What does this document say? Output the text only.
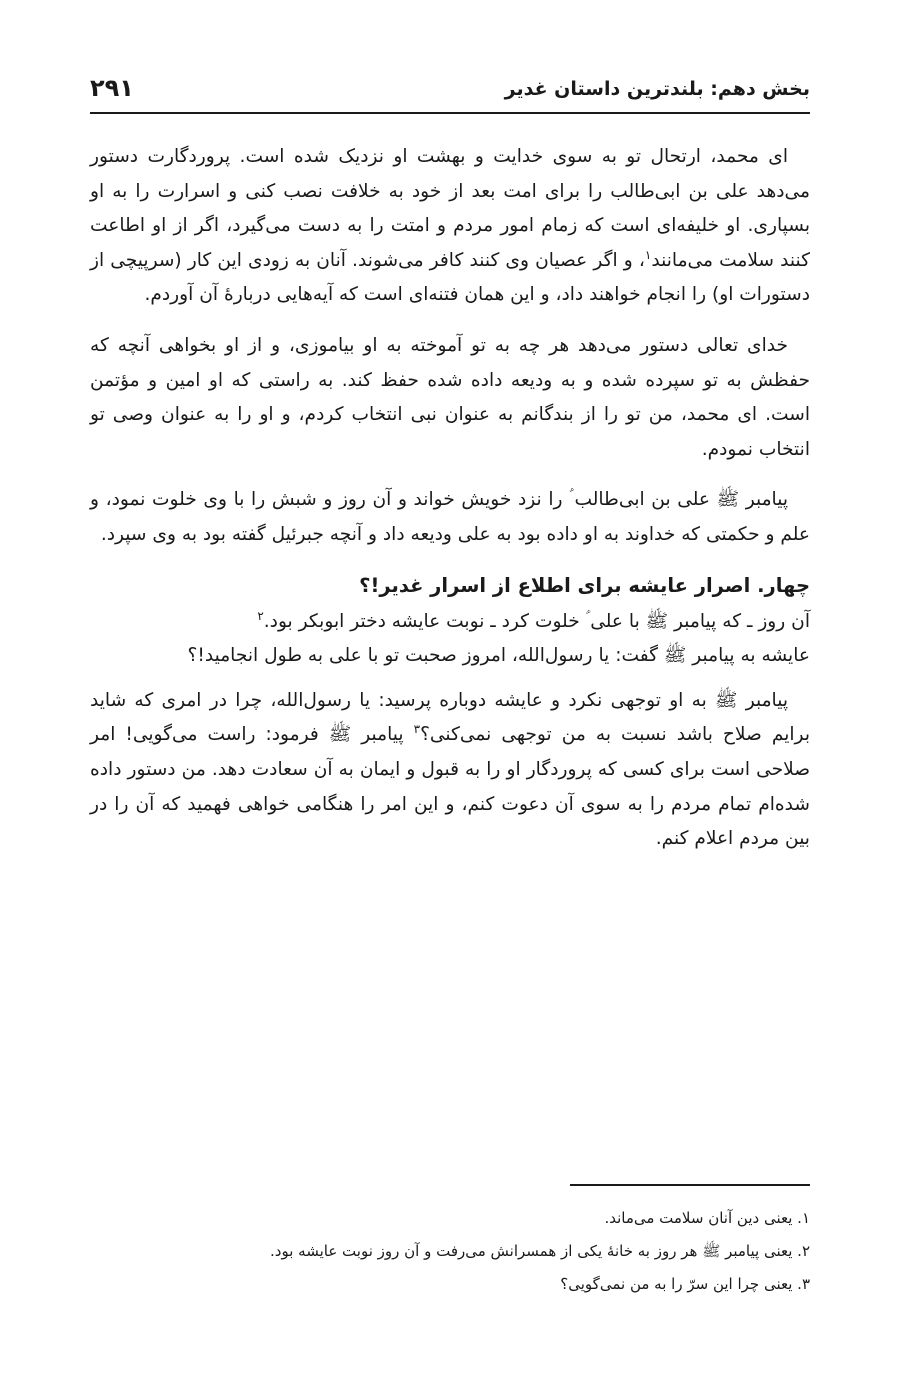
بخش دهم: بلندترین داستان غدیر
۲۹۱

ای محمد، ارتحال تو به سوی خدایت و بهشت او نزدیک شده است. پروردگارت دستور می‌دهد علی بن ابی‌طالب را برای امت بعد از خود به خلافت نصب کنی و اسرارت را به او بسپاری. او خلیفه‌ای است که زمام امور مردم و امتت را به دست می‌گیرد، اگر از او اطاعت کنند سلامت می‌مانند$^۱$، و اگر عصیان وی کنند کافر می‌شوند. آنان به زودی این کار (سرپیچی از دستورات او) را انجام خواهند داد، و این همان فتنه‌ای است که آیه‌هایی دربارهٔ آن آوردم.

خدای تعالی دستور می‌دهد هر چه به تو آموخته به او بیاموزی، و از او بخواهی آنچه که حفظش به تو سپرده شده و به ودیعه داده شده حفظ کند. به راستی که او امین و مؤتمن است. ای محمد، من تو را از بندگانم به عنوان نبی انتخاب کردم، و او را به عنوان وصی تو انتخاب نمودم.

پیامبر ﷺ علی بن ابی‌طالب ؑ را نزد خویش خواند و آن روز و شبش را با وی خلوت نمود، و علم و حکمتی که خداوند به او داده بود به علی ودیعه داد و آنچه جبرئیل گفته بود به وی سپرد.

چهار. اصرار عایشه برای اطلاع از اسرار غدیر!؟

آن روز ـ که پیامبر ﷺ با علی ؑ خلوت کرد ـ نوبت عایشه دختر ابوبکر بود.$^۲$
عایشه به پیامبر ﷺ گفت: یا رسول‌الله، امروز صحبت تو با علی به طول انجامید!؟

پیامبر ﷺ به او توجهی نکرد و عایشه دوباره پرسید: یا رسول‌الله، چرا در امری که شاید برایم صلاح باشد نسبت به من توجهی نمی‌کنی؟$^۳$ پیامبر ﷺ فرمود: راست می‌گویی! امر صلاحی است برای کسی که پروردگار او را به قبول و ایمان به آن سعادت دهد. من دستور داده شده‌ام تمام مردم را به سوی آن دعوت کنم، و این امر را هنگامی خواهی فهمید که آن را در بین مردم اعلام کنم.

۱. یعنی دین آنان سلامت می‌ماند.

۲. یعنی پیامبر ﷺ هر روز به خانهٔ یکی از همسرانش می‌رفت و آن روز نوبت عایشه بود.

۳. یعنی چرا این سرّ را به من نمی‌گویی؟
